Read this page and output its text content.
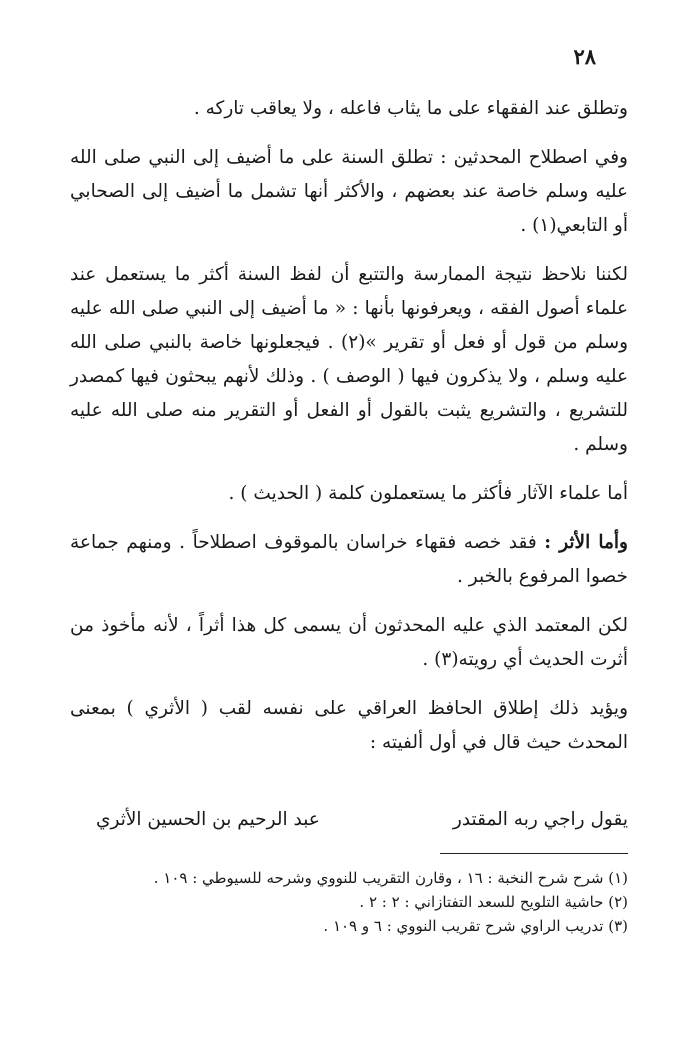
٢٨

وتطلق عند الفقهاء على ما يثاب فاعله ، ولا يعاقب تاركه .

وفي اصطلاح المحدثين : تطلق السنة على ما أضيف إلى النبي صلى الله عليه وسلم خاصة عند بعضهم ، والأكثر أنها تشمل ما أضيف إلى الصحابي أو التابعي(١) .

لكننا نلاحظ نتيجة الممارسة والتتبع أن لفظ السنة أكثر ما يستعمل عند علماء أصول الفقه ، ويعرفونها بأنها : « ما أضيف إلى النبي صلى الله عليه وسلم من قول أو فعل أو تقرير »(٢) . فيجعلونها خاصة بالنبي صلى الله عليه وسلم ، ولا يذكرون فيها ( الوصف ) . وذلك لأنهم يبحثون فيها كمصدر للتشريع ، والتشريع يثبت بالقول أو الفعل أو التقرير منه صلى الله عليه وسلم .

أما علماء الآثار فأكثر ما يستعملون كلمة ( الحديث ) .

وأما الأثر : فقد خصه فقهاء خراسان بالموقوف اصطلاحاً . ومنهم جماعة خصوا المرفوع بالخبر .

لكن المعتمد الذي عليه المحدثون أن يسمى كل هذا أثراً ، لأنه مأخوذ من أثرت الحديث أي رويته(٣) .

ويؤيد ذلك إطلاق الحافظ العراقي على نفسه لقب ( الأثري ) بمعنى المحدث حيث قال في أول ألفيته :

يقول راجي ربه المقتدر
عبد الرحيم بن الحسين الأثري

(١) شرح شرح النخبة : ١٦ ، وقارن التقريب للنووي وشرحه للسيوطي : ١٠٩ .

(٢) حاشية التلويح للسعد التفتازاني : ٢ : ٢ .

(٣) تدريب الراوي شرح تقريب النووي : ٦ و ١٠٩ .
